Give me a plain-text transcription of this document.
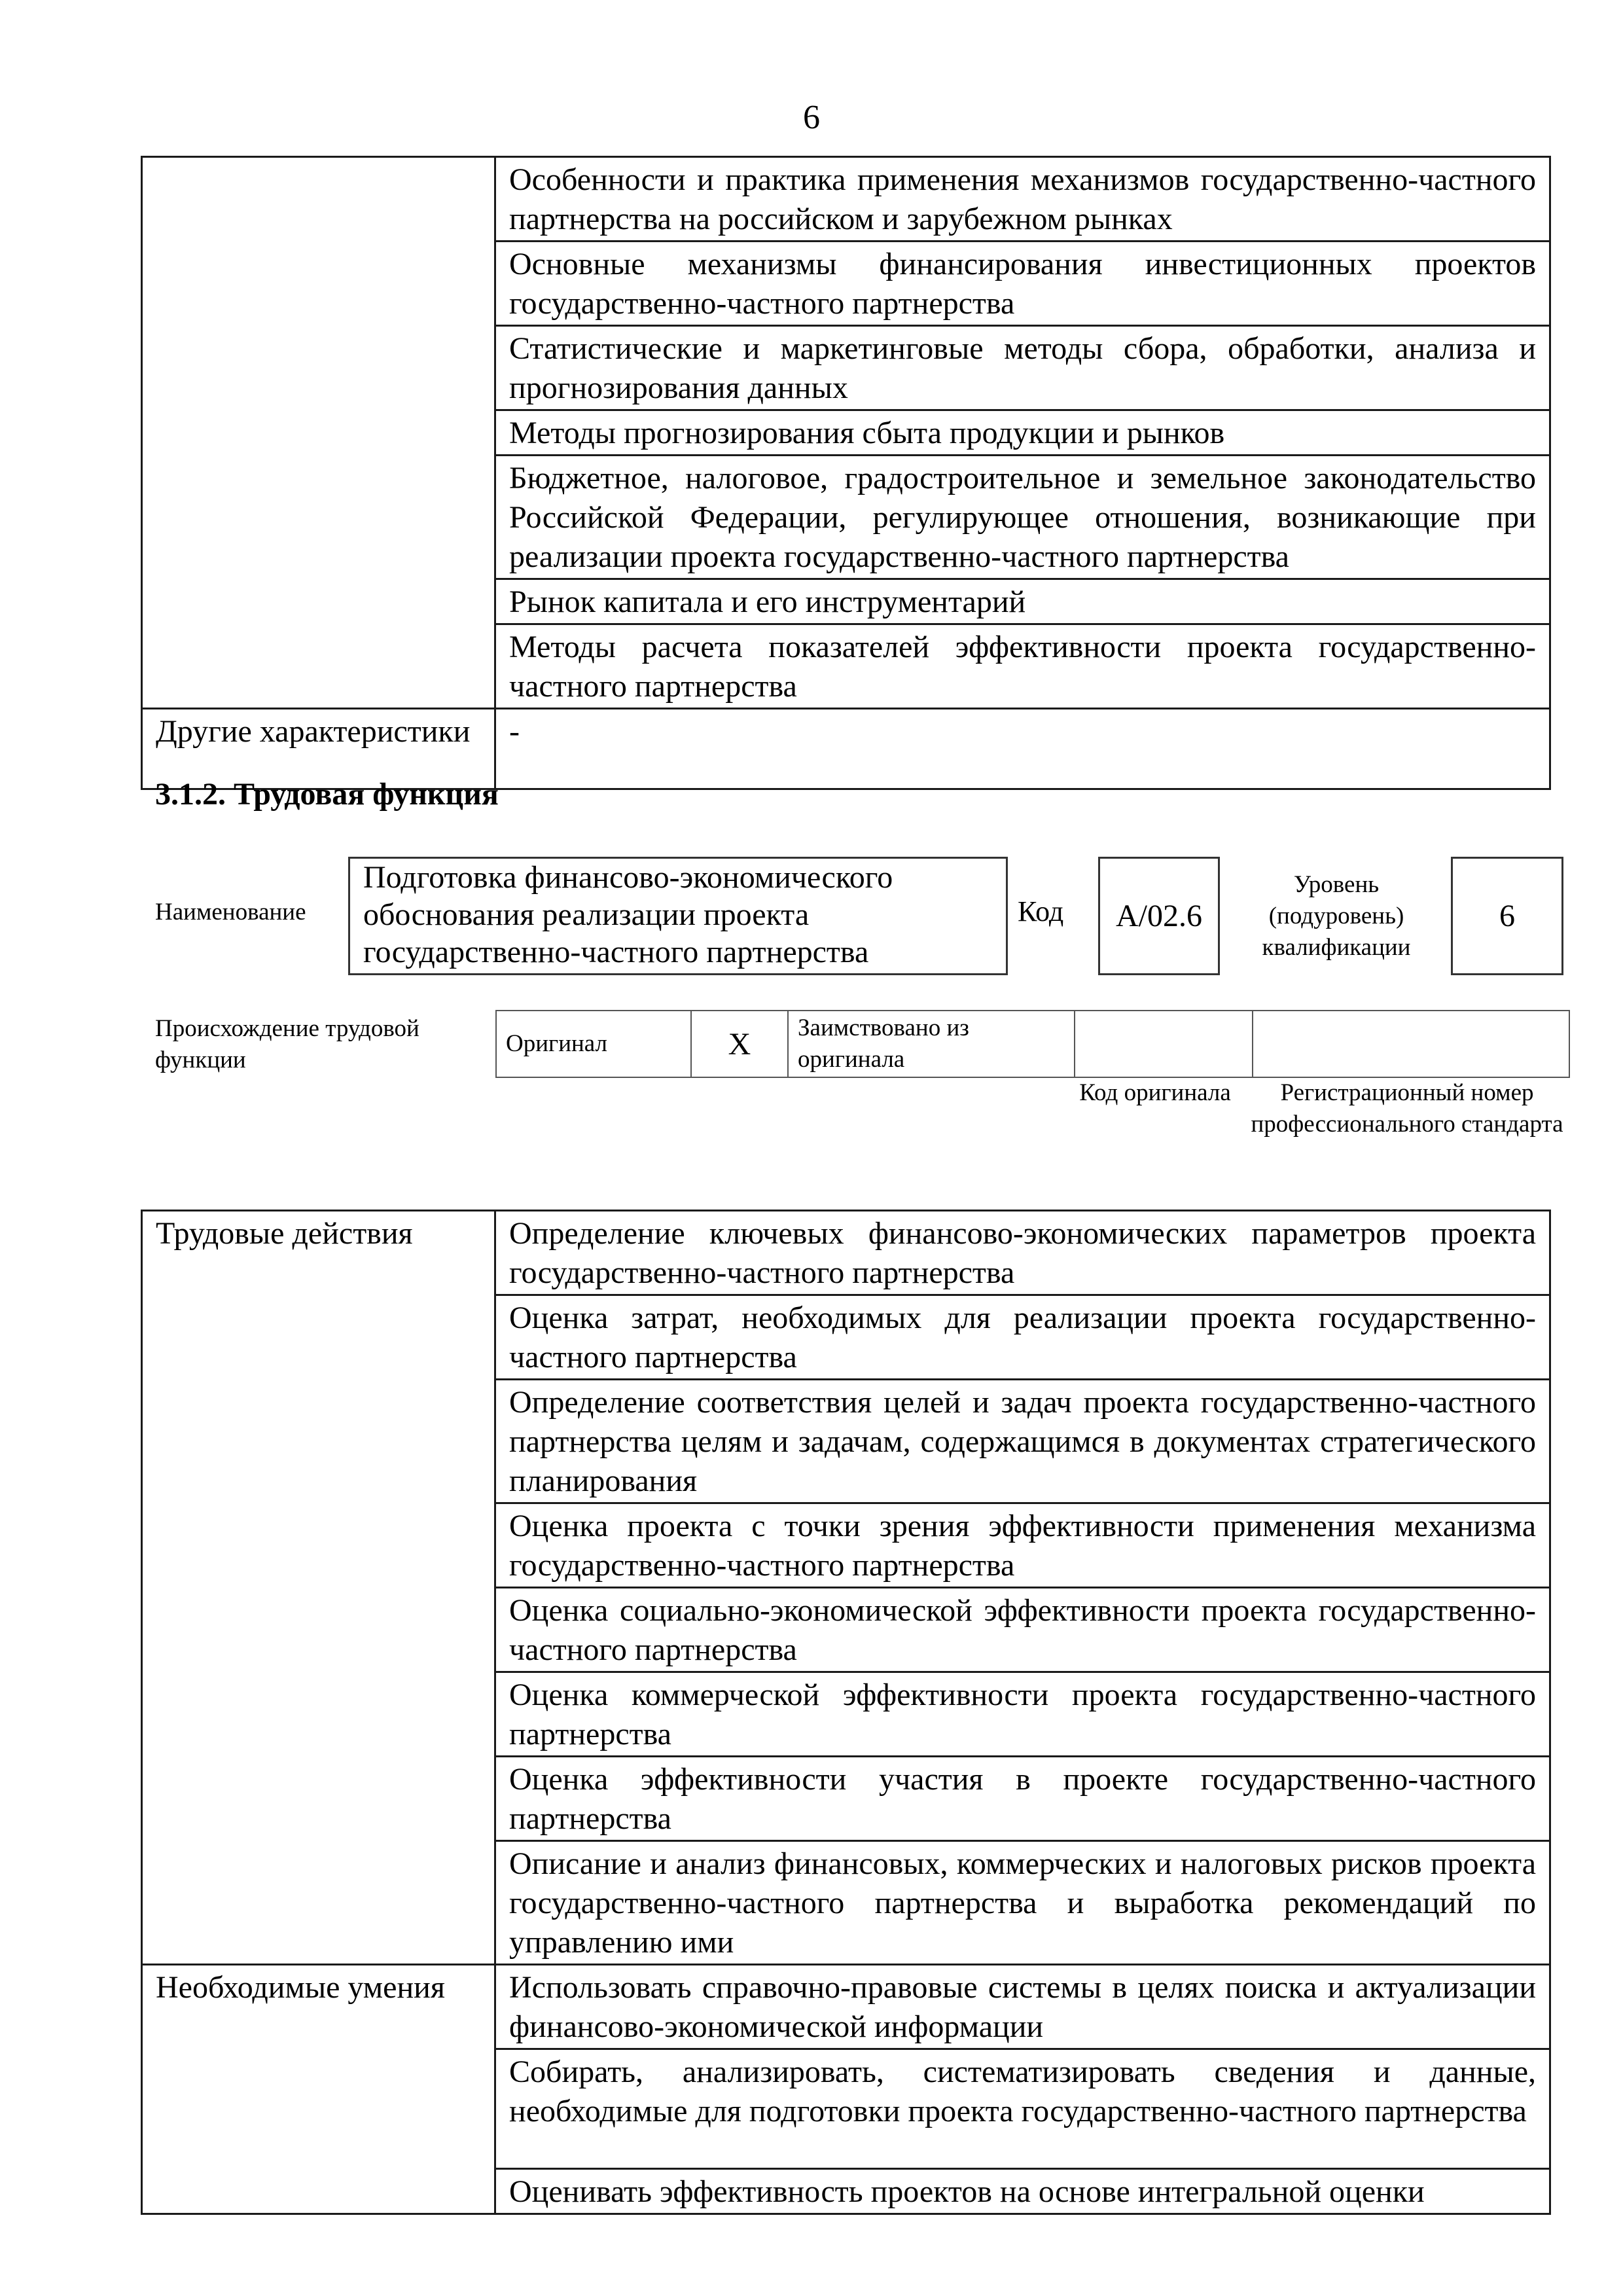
6
	Особенности и практика применения механизмов государственно-частного партнерства на российском и зарубежном рынках
	Основные механизмы финансирования инвестиционных проектов государственно-частного партнерства
	Статистические и маркетинговые методы сбора, обработки, анализа и прогнозирования данных
	Методы прогнозирования сбыта продукции и рынков
	Бюджетное, налоговое, градостроительное и земельное законодательство Российской Федерации, регулирующее отношения, возникающие при реализации проекта государственно-частного партнерства
	Рынок капитала и его инструментарий
	Методы расчета показателей эффективности проекта государственно-частного партнерства
Другие характеристики	-
3.1.2. Трудовая функция
Наименование
Подготовка финансово-экономического обоснования реализации проекта государственно-частного партнерства
Код	А/02.6
Уровень (подуровень) квалификации
6
Происхождение трудовой функции
Оригинал	X	Заимствовано из оригинала		
Код оригинала	Регистрационный номер профессионального стандарта
Трудовые действия	Определение ключевых финансово-экономических параметров проекта государственно-частного партнерства
	Оценка затрат, необходимых для реализации проекта государственно-частного партнерства
	Определение соответствия целей и задач проекта государственно-частного партнерства целям и задачам, содержащимся в документах стратегического планирования
	Оценка проекта с точки зрения эффективности применения механизма государственно-частного партнерства
	Оценка социально-экономической эффективности проекта государственно-частного партнерства
	Оценка коммерческой эффективности проекта государственно-частного партнерства
	Оценка эффективности участия в проекте государственно-частного партнерства
	Описание и анализ финансовых, коммерческих и налоговых рисков проекта государственно-частного партнерства и выработка рекомендаций по управлению ими
Необходимые умения	Использовать справочно-правовые системы в целях поиска и актуализации финансово-экономической информации
	Собирать, анализировать, систематизировать сведения и данные, необходимые для подготовки проекта государственно-частного партнерства
	Оценивать эффективность проектов на основе интегральной оценки
